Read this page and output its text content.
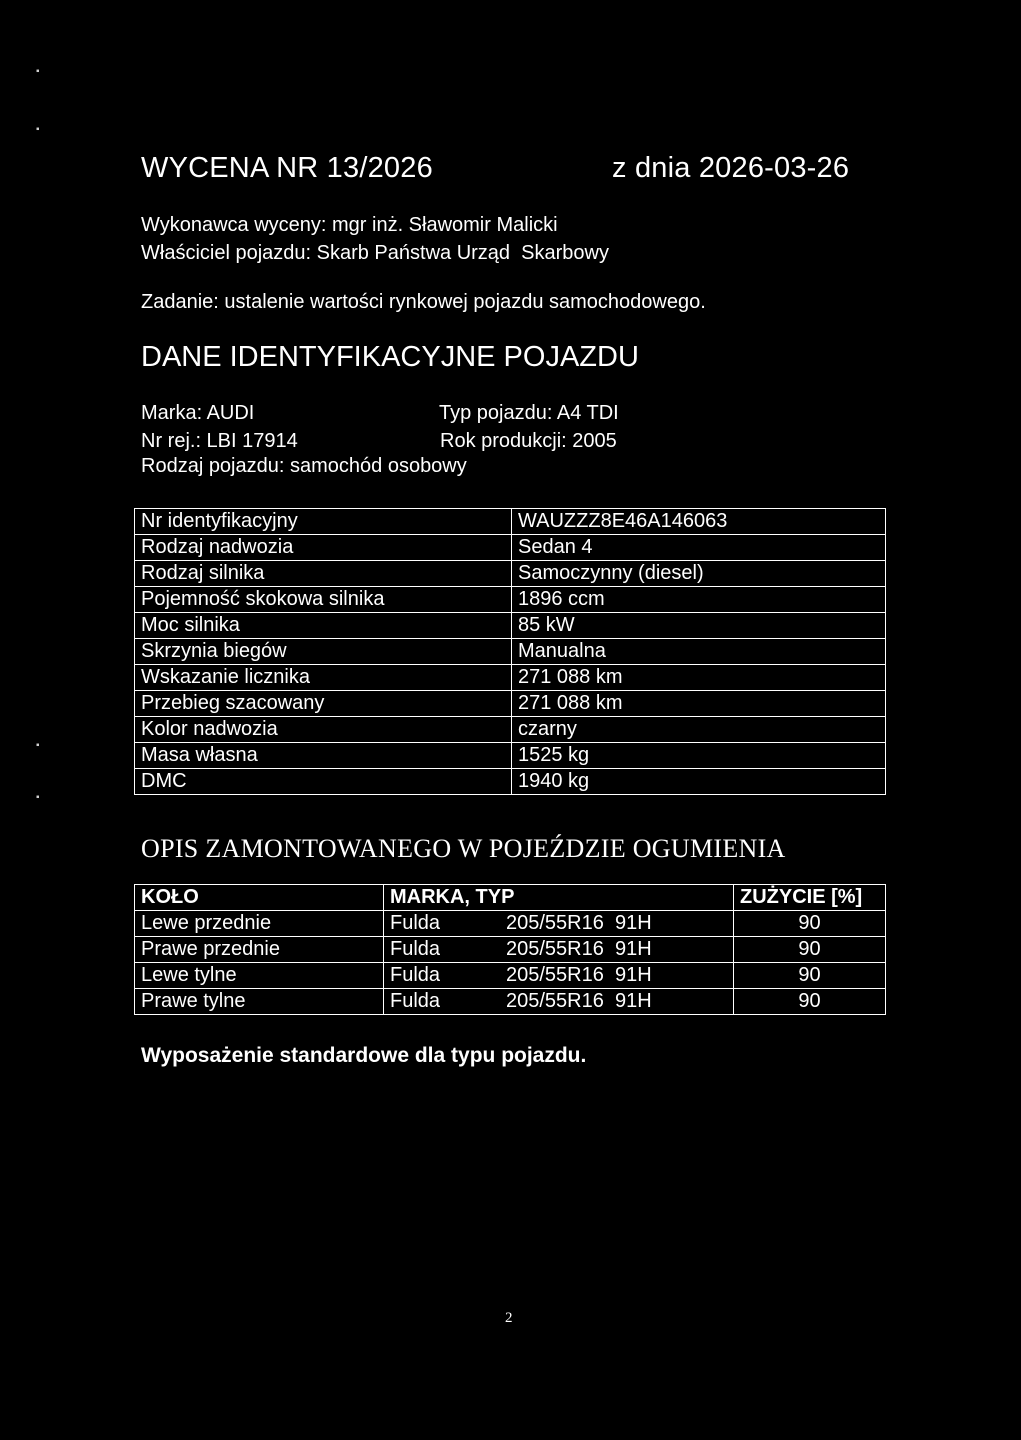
WYCENA NR 13/2026	z dnia 2026-03-26
Wykonawca wyceny: mgr inż. Sławomir Malicki
Właściciel pojazdu: Skarb Państwa Urząd  Skarbowy
Zadanie: ustalenie wartości rynkowej pojazdu samochodowego.
DANE IDENTYFIKACYJNE POJAZDU
Marka: AUDI	Typ pojazdu: A4 TDI
Nr rej.: LBI 17914	Rok produkcji: 2005
Rodzaj pojazdu: samochód osobowy
Nr identyfikacyjny	WAUZZZ8E46A146063
Rodzaj nadwozia	Sedan 4
Rodzaj silnika	Samoczynny (diesel)
Pojemność skokowa silnika	1896 ccm
Moc silnika	85 kW
Skrzynia biegów	Manualna
Wskazanie licznika	271 088 km
Przebieg szacowany	271 088 km
Kolor nadwozia	czarny
Masa własna	1525 kg
DMC	1940 kg
OPIS ZAMONTOWANEGO W POJEŹDZIE OGUMIENIA
KOŁO	MARKA, TYP	ZUŻYCIE [%]
Lewe przednie	Fulda 205/55R16  91H	90
Prawe przednie	Fulda 205/55R16  91H	90
Lewe tylne	Fulda 205/55R16  91H	90
Prawe tylne	Fulda 205/55R16  91H	90
Wyposażenie standardowe dla typu pojazdu.
2
▪
▪
▪
▪
